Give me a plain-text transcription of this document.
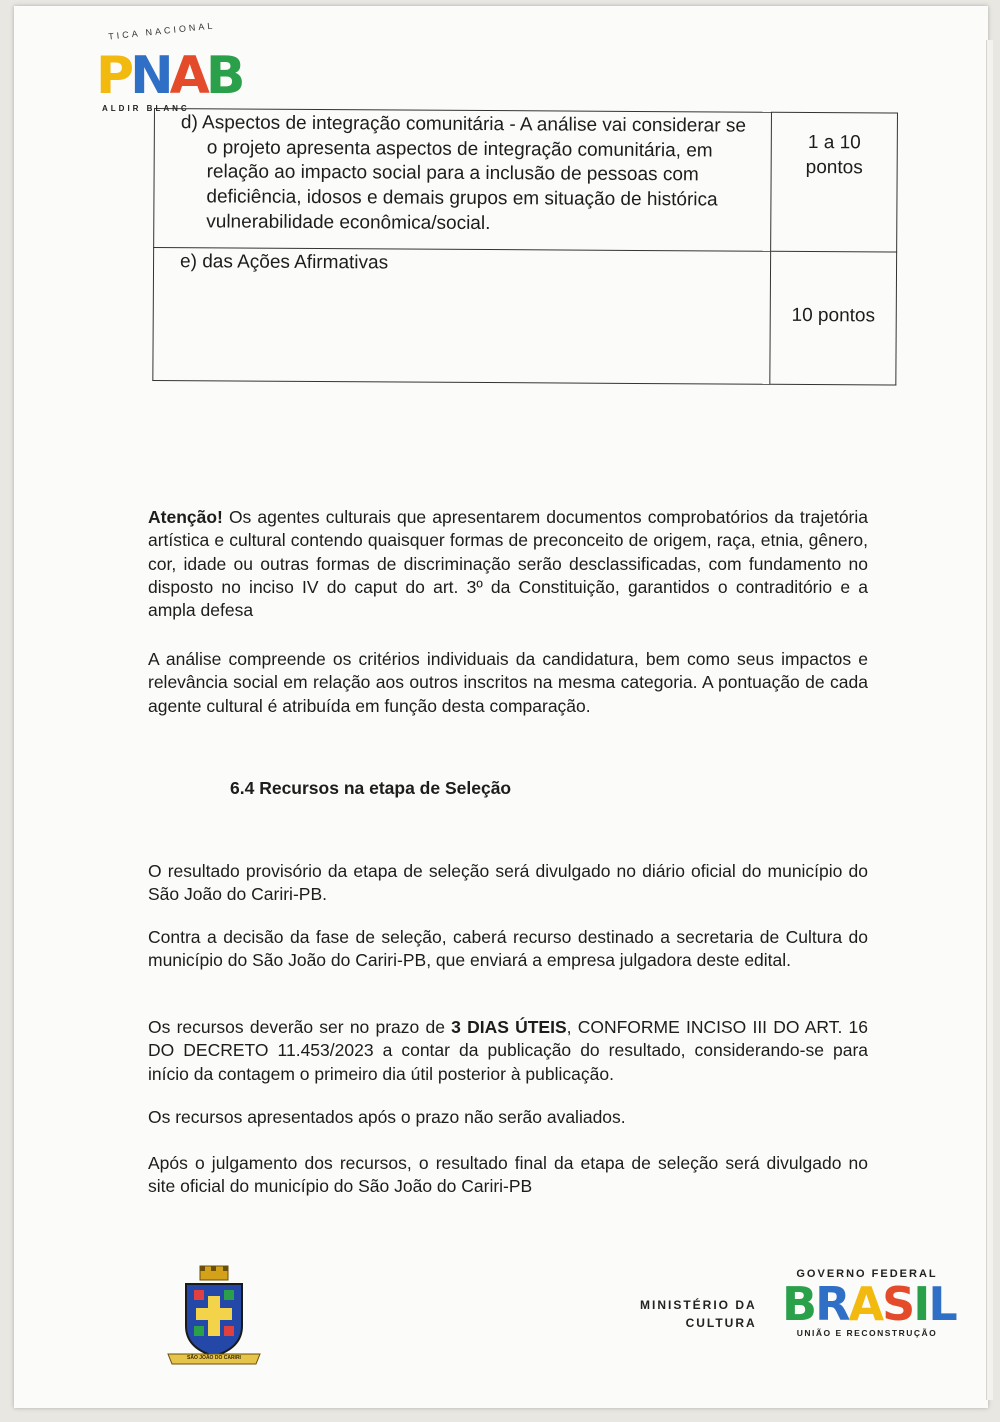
TICA NACIONAL
PNAB
ALDIR BLANC
d) Aspectos de integração comunitária - A análise vai considerar se o projeto apresenta aspectos de integração comunitária, em relação ao impacto social para a inclusão de pessoas com deficiência, idosos e demais grupos em situação de histórica vulnerabilidade econômica/social.	1 a 10
pontos

e) das Ações Afirmativas	10 pontos

Atenção! Os agentes culturais que apresentarem documentos comprobatórios da trajetória artística e cultural contendo quaisquer formas de preconceito de origem, raça, etnia, gênero, cor, idade ou outras formas de discriminação serão desclassificadas, com fundamento no disposto no inciso IV do caput do art. 3º da Constituição, garantidos o contraditório e a ampla defesa

A análise compreende os critérios individuais da candidatura, bem como seus impactos e relevância social em relação aos outros inscritos na mesma categoria. A pontuação de cada agente cultural é atribuída em função desta comparação.

6.4 Recursos na etapa de Seleção

O resultado provisório da etapa de seleção será divulgado no diário oficial do município do São João do Cariri-PB.

Contra a decisão da fase de seleção, caberá recurso destinado a secretaria de Cultura do município do São João do Cariri-PB, que enviará a empresa julgadora deste edital.

Os recursos deverão ser no prazo de 3 DIAS ÚTEIS, CONFORME INCISO III DO ART. 16 DO DECRETO 11.453/2023 a contar da publicação do resultado, considerando-se para início da contagem o primeiro dia útil posterior à publicação.

Os recursos apresentados após o prazo não serão avaliados.

Após o julgamento dos recursos, o resultado final da etapa de seleção será divulgado no site oficial do município do São João do Cariri-PB

SÃO JOÃO DO CARIRI
MINISTÉRIO DA
CULTURA
GOVERNO FEDERAL
BRASIL
UNIÃO E RECONSTRUÇÃO
